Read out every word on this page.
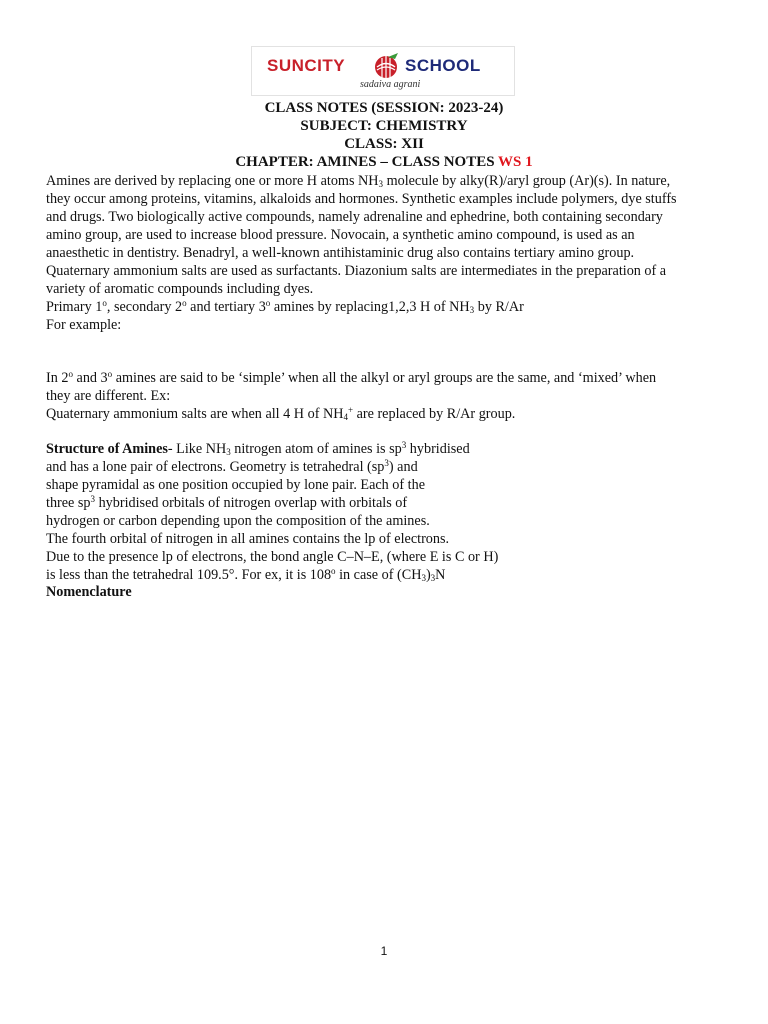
SUNCITY	SCHOOL
sadaiva agrani
CLASS NOTES (SESSION: 2023-24)
SUBJECT: CHEMISTRY
CLASS: XII
CHAPTER: AMINES – CLASS NOTES WS 1
Amines are derived by replacing one or more H atoms $NH_3$ molecule by alky(R)/aryl group (Ar)(s). In nature,
they occur among proteins, vitamins, alkaloids and hormones. Synthetic examples include polymers, dye stuffs
and drugs. Two biologically active compounds, namely adrenaline and ephedrine, both containing secondary
amino group, are used to increase blood pressure. Novocain, a synthetic amino compound, is used as an
anaesthetic in dentistry. Benadryl, a well-known antihistaminic drug also contains tertiary amino group.
Quaternary ammonium salts are used as surfactants. Diazonium salts are intermediates in the preparation of a
variety of aromatic compounds including dyes.
Primary 1$^o$, secondary 2$^o$ and tertiary 3$^o$ amines by replacing1,2,3 H of $NH_3$ by R/Ar
For example:
In 2$^o$ and 3$^o$ amines are said to be ‘simple’ when all the alkyl or aryl groups are the same, and ‘mixed’ when
they are different. Ex:
Quaternary ammonium salts are when all 4 H of $NH_4^+$ are replaced by R/Ar group.
Structure of Amines- Like $NH_3$ nitrogen atom of amines is $sp^3$ hybridised
and has a lone pair of electrons. Geometry is tetrahedral $(sp^3)$ and
shape pyramidal as one position occupied by lone pair. Each of the
three $sp^3$ hybridised orbitals of nitrogen overlap with orbitals of
hydrogen or carbon depending upon the composition of the amines.
The fourth orbital of nitrogen in all amines contains the lp of electrons.
Due to the presence lp of electrons, the bond angle C–N–E, (where E is C or H)
is less than the tetrahedral 109.5°. For ex, it is 108$^o$ in case of $(CH_3)_3N$
Nomenclature
1
